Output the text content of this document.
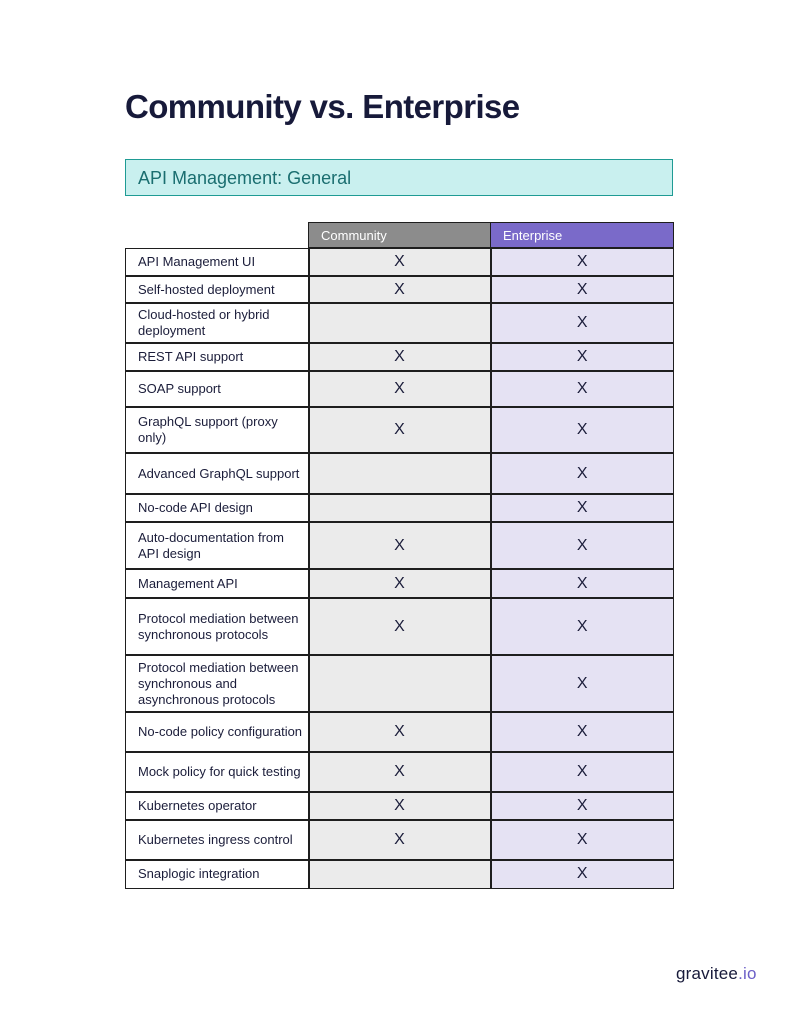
Community vs. Enterprise
API Management: General
	Community	Enterprise
API Management UI	X	X
Self-hosted deployment	X	X
Cloud-hosted or hybrid deployment		X
REST API support	X	X
SOAP support	X	X
GraphQL support (proxy only)	X	X
Advanced GraphQL support		X
No-code API design		X
Auto-documentation from API design	X	X
Management API	X	X
Protocol mediation between synchronous protocols	X	X
Protocol mediation between synchronous and asynchronous protocols		X
No-code policy configuration	X	X
Mock policy for quick testing	X	X
Kubernetes operator	X	X
Kubernetes ingress control	X	X
Snaplogic integration		X
gravitee.io
